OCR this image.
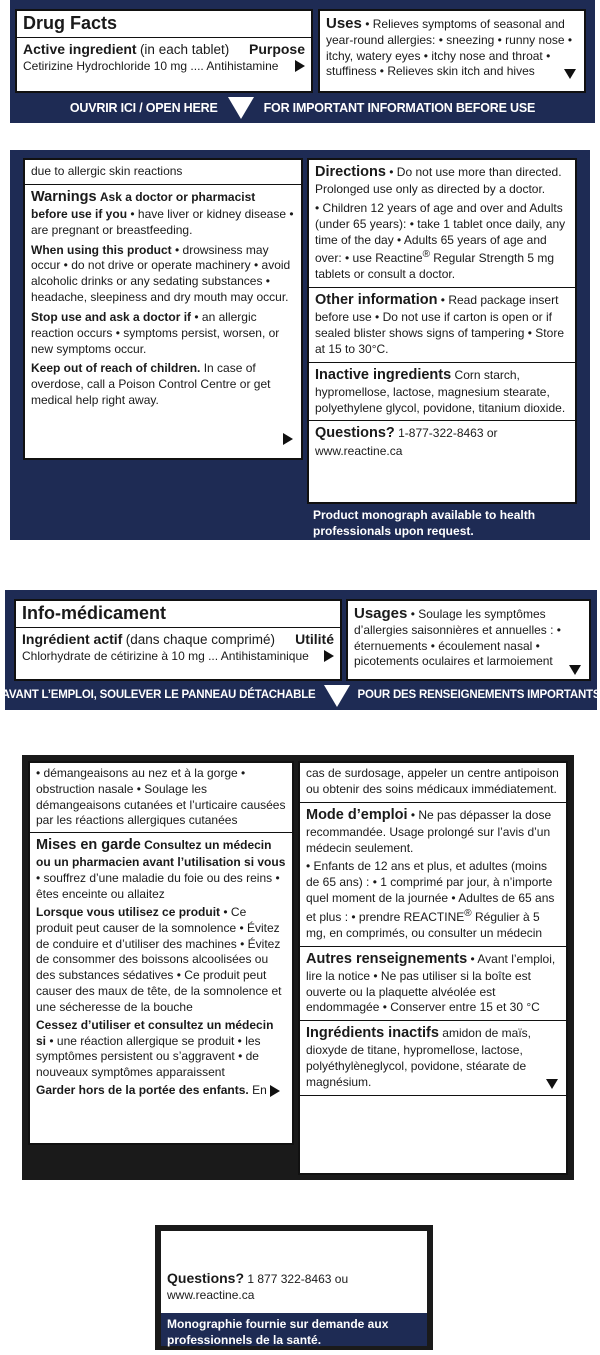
Drug Facts
Active ingredient (in each tablet) Purpose
Cetirizine Hydrochloride 10 mg .... Antihistamine
Uses • Relieves symptoms of seasonal and year-round allergies: • sneezing • runny nose • itchy, watery eyes • itchy nose and throat • stuffiness • Relieves skin itch and hives
OUVRIR ICI / OPEN HERE	FOR IMPORTANT INFORMATION BEFORE USE
due to allergic skin reactions

Warnings Ask a doctor or pharmacist before use if you • have liver or kidney disease • are pregnant or breastfeeding.

When using this product • drowsiness may occur • do not drive or operate machinery • avoid alcoholic drinks or any sedating substances • headache, sleepiness and dry mouth may occur.

Stop use and ask a doctor if • an allergic reaction occurs • symptoms persist, worsen, or new symptoms occur.

Keep out of reach of children. In case of overdose, call a Poison Control Centre or get medical help right away.

Directions • Do not use more than directed. Prolonged use only as directed by a doctor.

• Children 12 years of age and over and Adults (under 65 years): • take 1 tablet once daily, any time of the day • Adults 65 years of age and over: • use Reactine® Regular Strength 5 mg tablets or consult a doctor.

Other information • Read package insert before use • Do not use if carton is open or if sealed blister shows signs of tampering • Store at 15 to 30°C.

Inactive ingredients Corn starch, hypromellose, lactose, magnesium stearate, polyethylene glycol, povidone, titanium dioxide.

Questions? 1-877-322-8463 or

www.reactine.ca

Product monograph available to health professionals upon request.
Info-médicament
Ingrédient actif (dans chaque comprimé) Utilité
Chlorhydrate de cétirizine à 10 mg ... Antihistaminique
Usages • Soulage les symptômes d’allergies saisonnières et annuelles : • éternuements • écoulement nasal • picotements oculaires et larmoiement
AVANT L’EMPLOI, SOULEVER LE PANNEAU DÉTACHABLE	POUR DES RENSEIGNEMENTS IMPORTANTS
• démangeaisons au nez et à la gorge • obstruction nasale • Soulage les démangeaisons cutanées et l’urticaire causées par les réactions allergiques cutanées

Mises en garde Consultez un médecin ou un pharmacien avant l’utilisation si vous • souffrez d’une maladie du foie ou des reins • êtes enceinte ou allaitez

Lorsque vous utilisez ce produit • Ce produit peut causer de la somnolence • Évitez de conduire et d’utiliser des machines • Évitez de consommer des boissons alcoolisées ou des substances sédatives • Ce produit peut causer des maux de tête, de la somnolence et une sécheresse de la bouche

Cessez d’utiliser et consultez un médecin si • une réaction allergique se produit • les symptômes persistent ou s’aggravent • de nouveaux symptômes apparaissent

Garder hors de la portée des enfants. En

cas de surdosage, appeler un centre antipoison ou obtenir des soins médicaux immédiatement.

Mode d’emploi • Ne pas dépasser la dose recommandée. Usage prolongé sur l’avis d’un médecin seulement.

• Enfants de 12 ans et plus, et adultes (moins de 65 ans) : • 1 comprimé par jour, à n’importe quel moment de la journée • Adultes de 65 ans et plus : • prendre REACTINE® Régulier à 5 mg, en comprimés, ou consulter un médecin

Autres renseignements • Avant l’emploi, lire la notice • Ne pas utiliser si la boîte est ouverte ou la plaquette alvéolée est endommagée • Conserver entre 15 et 30 °C

Ingrédients inactifs amidon de maïs, dioxyde de titane, hypromellose, lactose, polyéthylèneglycol, povidone, stéarate de magnésium.

Questions? 1 877 322-8463 ou

www.reactine.ca

Monographie fournie sur demande aux professionnels de la santé.
